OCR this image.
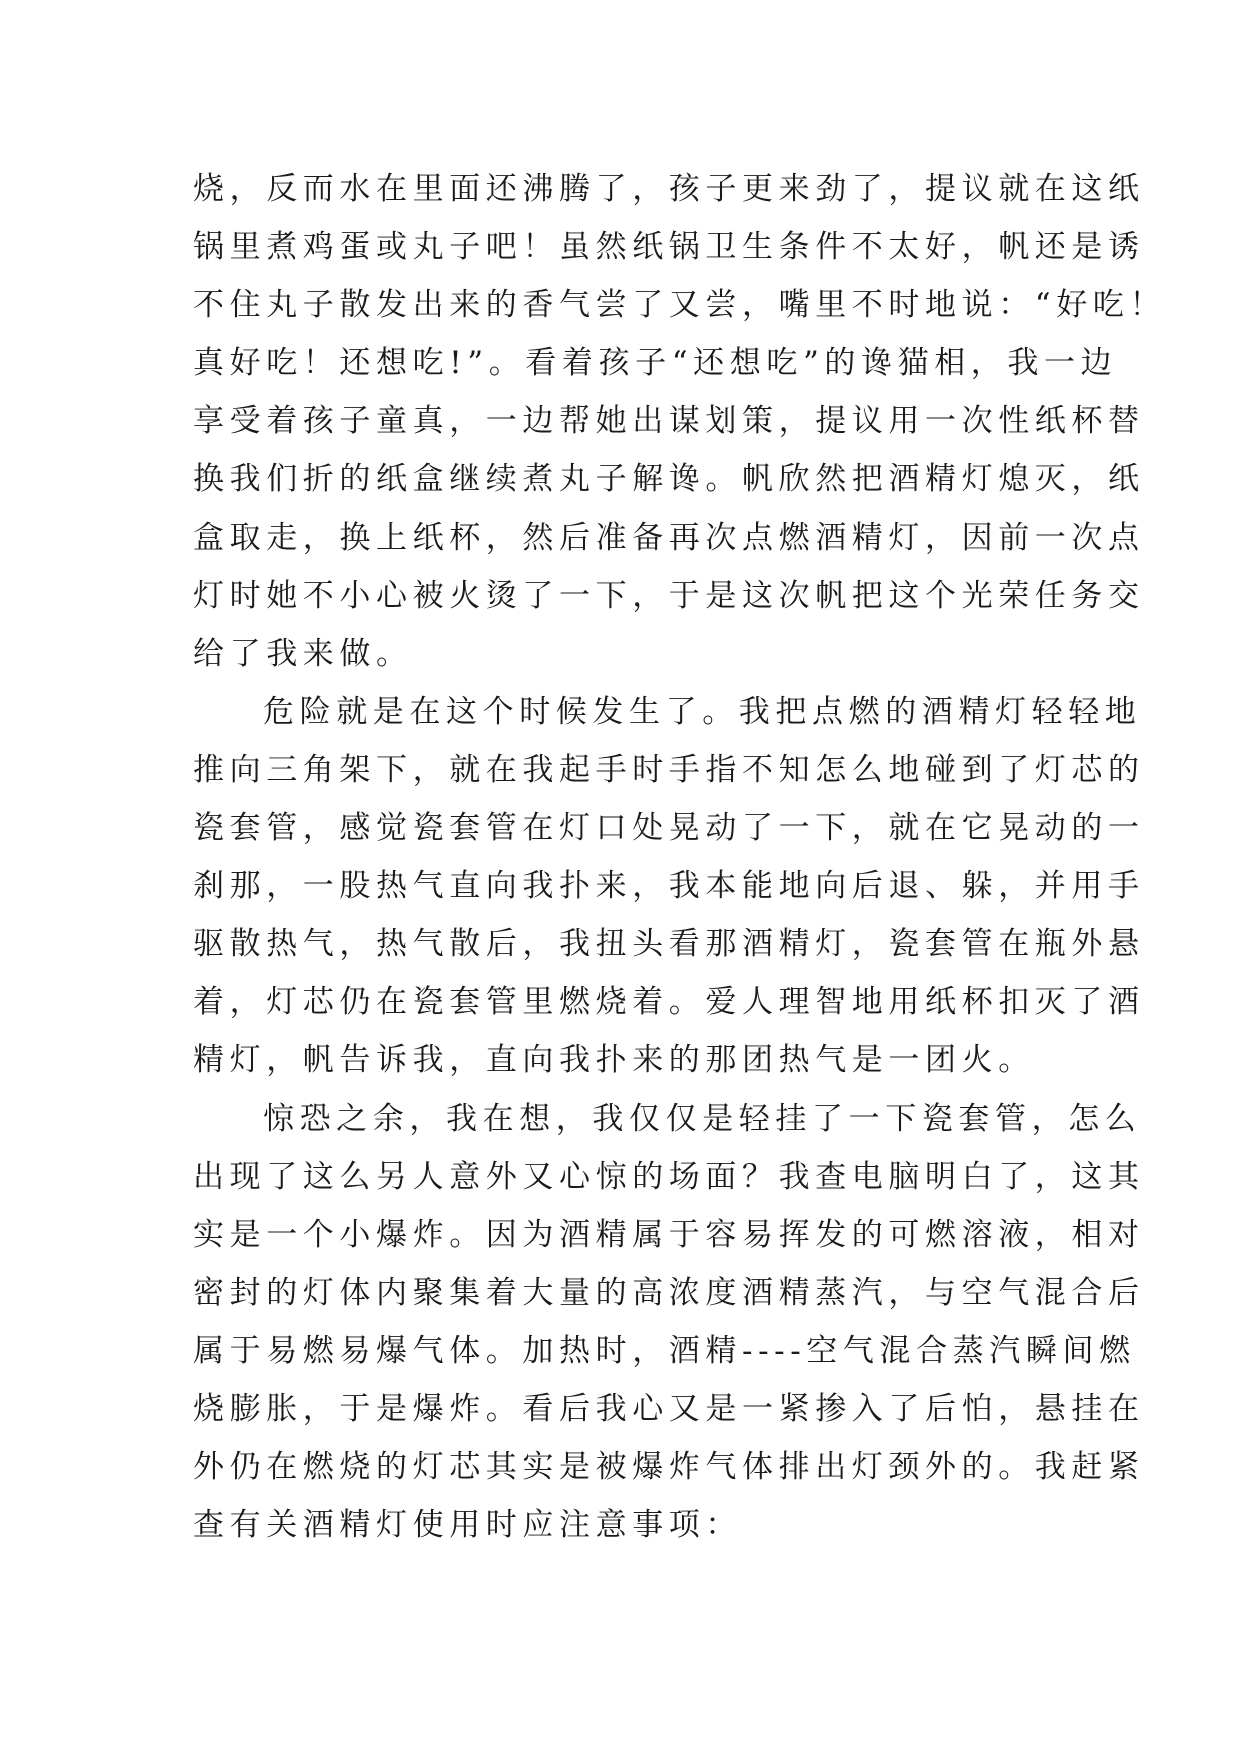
烧，反而水在里面还沸腾了，孩子更来劲了，提议就在这纸
锅里煮鸡蛋或丸子吧！虽然纸锅卫生条件不太好，帆还是诱
不住丸子散发出来的香气尝了又尝，嘴里不时地说：“好吃！
真好吃！还想吃!”。看着孩子“还想吃”的谗猫相，我一边
享受着孩子童真，一边帮她出谋划策，提议用一次性纸杯替
换我们折的纸盒继续煮丸子解谗。帆欣然把酒精灯熄灭，纸
盒取走，换上纸杯，然后准备再次点燃酒精灯，因前一次点
灯时她不小心被火烫了一下，于是这次帆把这个光荣任务交
给了我来做。
危险就是在这个时候发生了。我把点燃的酒精灯轻轻地
推向三角架下，就在我起手时手指不知怎么地碰到了灯芯的
瓷套管，感觉瓷套管在灯口处晃动了一下，就在它晃动的一
刹那，一股热气直向我扑来，我本能地向后退、躲，并用手
驱散热气，热气散后，我扭头看那酒精灯，瓷套管在瓶外悬
着，灯芯仍在瓷套管里燃烧着。爱人理智地用纸杯扣灭了酒
精灯，帆告诉我，直向我扑来的那团热气是一团火。
惊恐之余，我在想，我仅仅是轻挂了一下瓷套管，怎么
出现了这么另人意外又心惊的场面？我查电脑明白了，这其
实是一个小爆炸。因为酒精属于容易挥发的可燃溶液，相对
密封的灯体内聚集着大量的高浓度酒精蒸汽，与空气混合后
属于易燃易爆气体。加热时，酒精----空气混合蒸汽瞬间燃
烧膨胀，于是爆炸。看后我心又是一紧掺入了后怕，悬挂在
外仍在燃烧的灯芯其实是被爆炸气体排出灯颈外的。我赶紧
查有关酒精灯使用时应注意事项：
